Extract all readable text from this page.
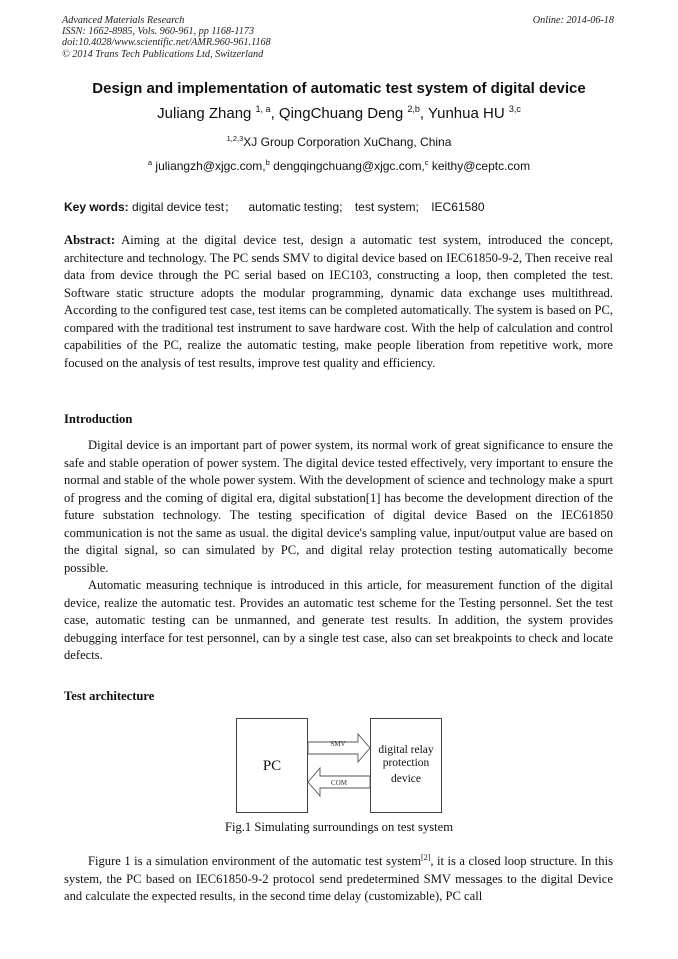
Advanced Materials Research
ISSN: 1662-8985, Vols. 960-961, pp 1168-1173
doi:10.4028/www.scientific.net/AMR.960-961.1168
© 2014 Trans Tech Publications Ltd, Switzerland
Online: 2014-06-18
Design and implementation of automatic test system of digital device
Juliang Zhang $^{1, a}$, QingChuang Deng $^{2,b}$, Yunhua HU $^{3,c}$
$^{1,2,3}$XJ Group Corporation XuChang, China
$^a$ juliangzh@xjgc.com,$^b$ dengqingchuang@xjgc.com,$^c$ keithy@ceptc.com
Key words: digital device test； automatic testing; test system; IEC61580
Abstract: Aiming at the digital device test, design a automatic test system, introduced the concept, architecture and technology. The PC sends SMV to digital device based on IEC61850-9-2, Then receive real data from device through the PC serial based on IEC103, constructing a loop, then completed the test. Software static structure adopts the modular programming, dynamic data exchange uses multithread. According to the configured test case, test items can be completed automatically. The system is based on PC, compared with the traditional test instrument to save hardware cost. With the help of calculation and control capabilities of the PC, realize the automatic testing, make people liberation from repetitive work, more focused on the analysis of test results, improve test quality and efficiency.
Introduction

Digital device is an important part of power system, its normal work of great significance to ensure the safe and stable operation of power system. The digital device tested effectively, very important to ensure the normal and stable of the whole power system. With the development of science and technology make a spurt of progress and the coming of digital era, digital substation[1] has become the development direction of the future substation technology. The testing specification of digital device Based on the IEC61850 communication is not the same as usual. the digital device's sampling value, input/output value are based on the digital signal, so can simulated by PC, and digital relay protection testing automatically become possible.

Automatic measuring technique is introduced in this article, for measurement function of the digital device, realize the automatic test. Provides an automatic test scheme for the Testing personnel. Set the test case, automatic testing can be unmanned, and generate test results. In addition, the system provides debugging interface for test personnel, can by a single test case, also can set breakpoints to check and locate defects.

Test architecture
PC
digital relay
protection
device
SMV
COM
Fig.1 Simulating surroundings on test system

Figure 1 is a simulation environment of the automatic test system[2], it is a closed loop structure. In this system, the PC based on IEC61850-9-2 protocol send predetermined SMV messages to the digital Device and calculate the expected results, in the second time delay (customizable), PC call
